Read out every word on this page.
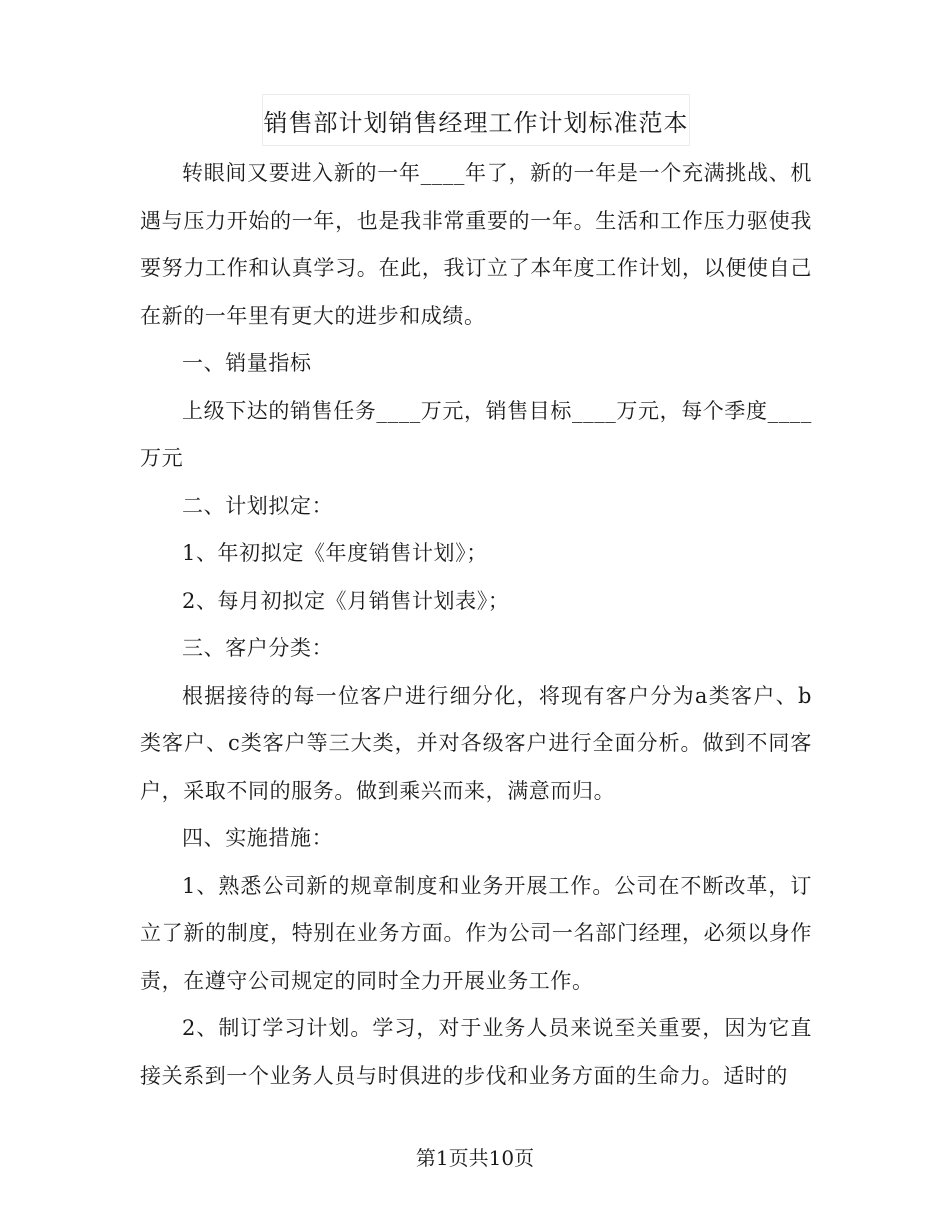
销售部计划销售经理工作计划标准范本

转眼间又要进入新的一年____年了，新的一年是一个充满挑战、机遇与压力开始的一年，也是我非常重要的一年。生活和工作压力驱使我要努力工作和认真学习。在此，我订立了本年度工作计划，以便使自己在新的一年里有更大的进步和成绩。

一、销量指标

上级下达的销售任务____万元，销售目标____万元，每个季度____万元

二、计划拟定：

1、年初拟定《年度销售计划》；

2、每月初拟定《月销售计划表》；

三、客户分类：

根据接待的每一位客户进行细分化，将现有客户分为a类客户、b类客户、c类客户等三大类，并对各级客户进行全面分析。做到不同客户，采取不同的服务。做到乘兴而来，满意而归。

四、实施措施：

1、熟悉公司新的规章制度和业务开展工作。公司在不断改革，订立了新的制度，特别在业务方面。作为公司一名部门经理，必须以身作责，在遵守公司规定的同时全力开展业务工作。

2、制订学习计划。学习，对于业务人员来说至关重要，因为它直接关系到一个业务人员与时俱进的步伐和业务方面的生命力。适时的

第1页共10页
